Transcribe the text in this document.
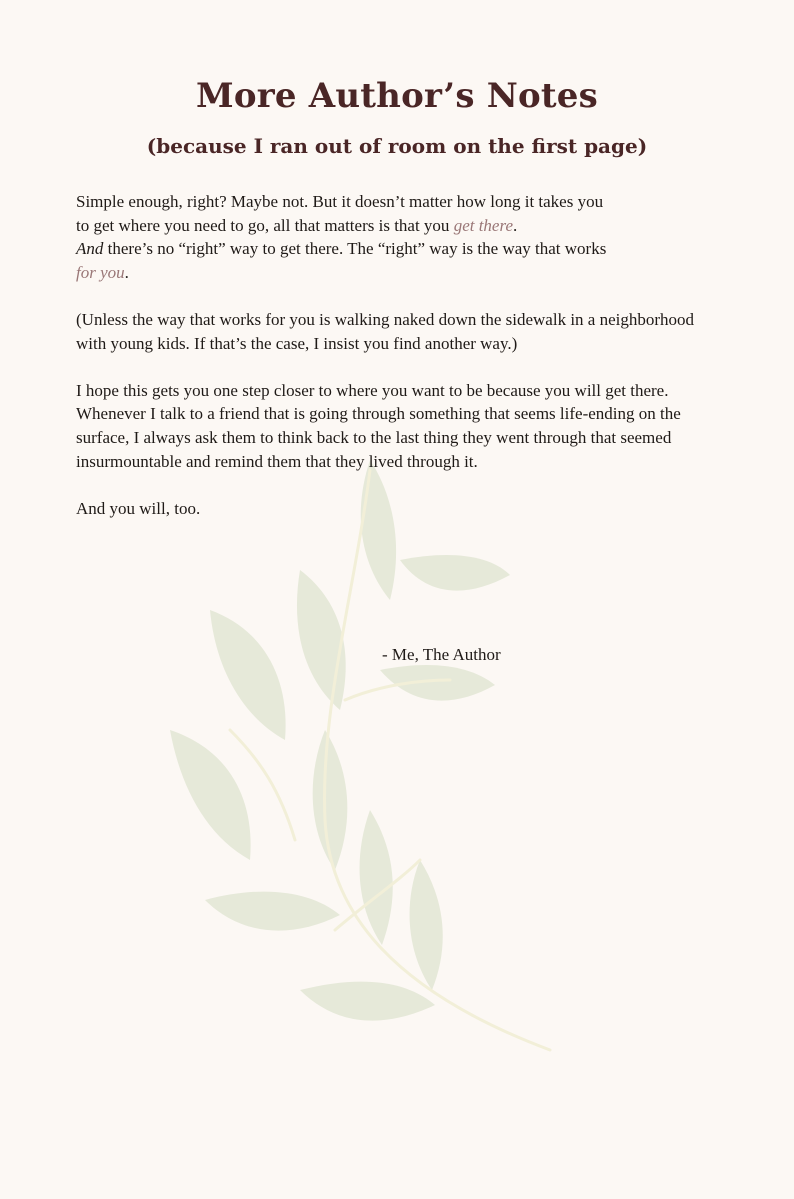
More Author’s Notes
(because I ran out of room on the first page)

Simple enough, right? Maybe not. But it doesn’t matter how long it takes you
to get where you need to go, all that matters is that you get there.
And there’s no “right” way to get there. The “right” way is the way that works
for you.

(Unless the way that works for you is walking naked down the sidewalk in a neighborhood with young kids. If that’s the case, I insist you find another way.)

I hope this gets you one step closer to where you want to be because you will get there. Whenever I talk to a friend that is going through something that seems life-ending on the surface, I always ask them to think back to the last thing they went through that seemed insurmountable and remind them that they lived through it.

And you will, too.

- Me, The Author
